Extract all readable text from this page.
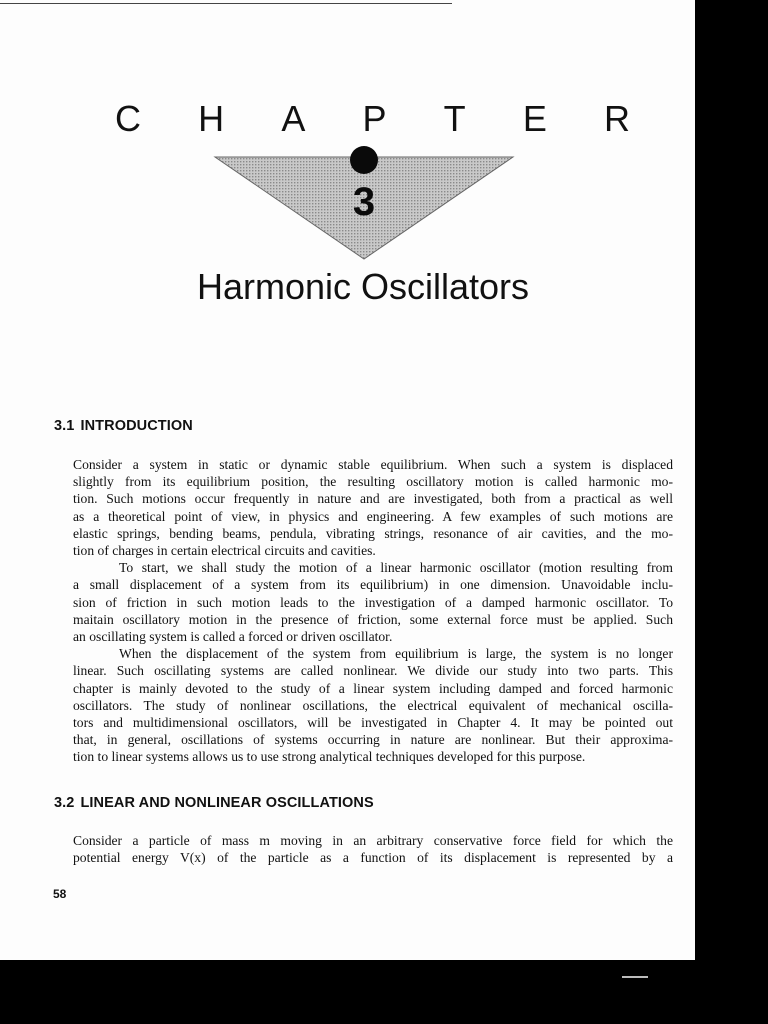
C H A P T E R
3
Harmonic Oscillators
3.1 INTRODUCTION
Consider a system in static or dynamic stable equilibrium. When such a system is displaced
slightly from its equilibrium position, the resulting oscillatory motion is called harmonic mo-
tion. Such motions occur frequently in nature and are investigated, both from a practical as well
as a theoretical point of view, in physics and engineering. A few examples of such motions are
elastic springs, bending beams, pendula, vibrating strings, resonance of air cavities, and the mo-
tion of charges in certain electrical circuits and cavities.
To start, we shall study the motion of a linear harmonic oscillator (motion resulting from
a small displacement of a system from its equilibrium) in one dimension. Unavoidable inclu-
sion of friction in such motion leads to the investigation of a damped harmonic oscillator. To
maitain oscillatory motion in the presence of friction, some external force must be applied. Such
an oscillating system is called a forced or driven oscillator.
When the displacement of the system from equilibrium is large, the system is no longer
linear. Such oscillating systems are called nonlinear. We divide our study into two parts. This
chapter is mainly devoted to the study of a linear system including damped and forced harmonic
oscillators. The study of nonlinear oscillations, the electrical equivalent of mechanical oscilla-
tors and multidimensional oscillators, will be investigated in Chapter 4. It may be pointed out
that, in general, oscillations of systems occurring in nature are nonlinear. But their approxima-
tion to linear systems allows us to use strong analytical techniques developed for this purpose.
3.2 LINEAR AND NONLINEAR OSCILLATIONS
Consider a particle of mass m moving in an arbitrary conservative force field for which the
potential energy V(x) of the particle as a function of its displacement is represented by a
58
